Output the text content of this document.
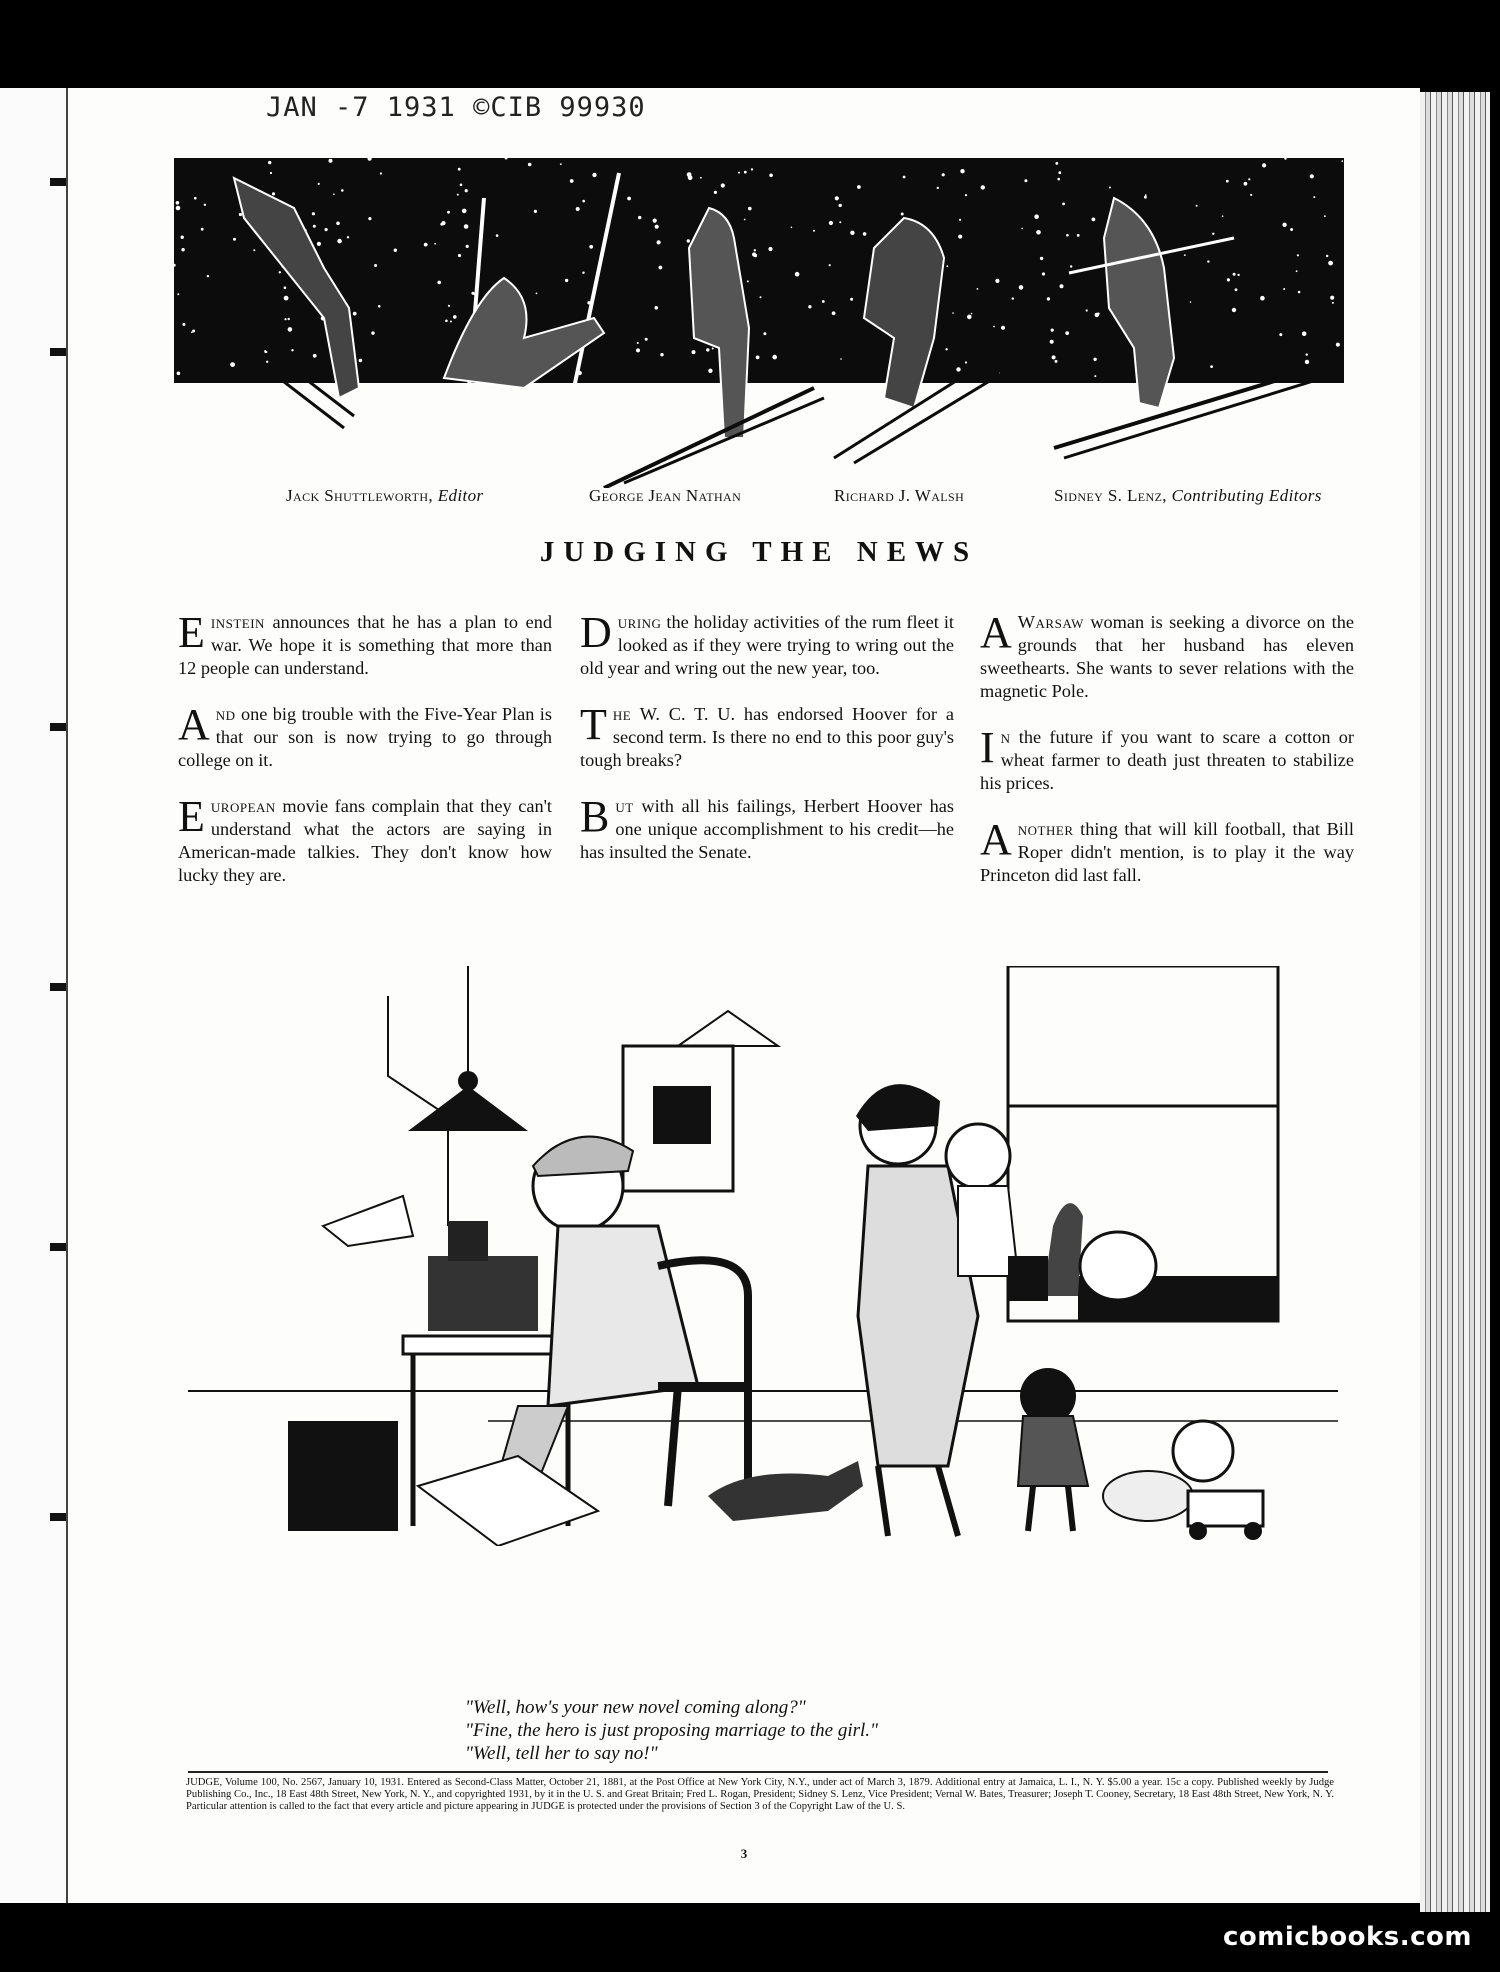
JAN -7 1931 ©CIB 99930
Jack Shuttleworth, Editor	George Jean Nathan	Richard J. Walsh	Sidney S. Lenz, Contributing Editors
JUDGING THE NEWS
Einstein announces that he has a plan to end war. We hope it is something that more than 12 people can understand.
And one big trouble with the Five-Year Plan is that our son is now trying to go through college on it.
European movie fans complain that they can't understand what the actors are saying in American-made talkies. They don't know how lucky they are.
During the holiday activities of the rum fleet it looked as if they were trying to wring out the old year and wring out the new year, too.
The W. C. T. U. has endorsed Hoover for a second term. Is there no end to this poor guy's tough breaks?
But with all his failings, Herbert Hoover has one unique accomplishment to his credit—he has insulted the Senate.
A Warsaw woman is seeking a divorce on the grounds that her husband has eleven sweethearts. She wants to sever relations with the magnetic Pole.
In the future if you want to scare a cotton or wheat farmer to death just threaten to stabilize his prices.
Another thing that will kill football, that Bill Roper didn't mention, is to play it the way Princeton did last fall.
"Well, how's your new novel coming along?"
"Fine, the hero is just proposing marriage to the girl."
"Well, tell her to say no!"
JUDGE, Volume 100, No. 2567, January 10, 1931. Entered as Second-Class Matter, October 21, 1881, at the Post Office at New York City, N.Y., under act of March 3, 1879. Additional entry at Jamaica, L. I., N. Y. $5.00 a year. 15c a copy. Published weekly by Judge Publishing Co., Inc., 18 East 48th Street, New York, N. Y., and copyrighted 1931, by it in the U. S. and Great Britain; Fred L. Rogan, President; Sidney S. Lenz, Vice President; Vernal W. Bates, Treasurer; Joseph T. Cooney, Secretary, 18 East 48th Street, New York, N. Y. Particular attention is called to the fact that every article and picture appearing in JUDGE is protected under the provisions of Section 3 of the Copyright Law of the U. S.
3
comicbooks.com
